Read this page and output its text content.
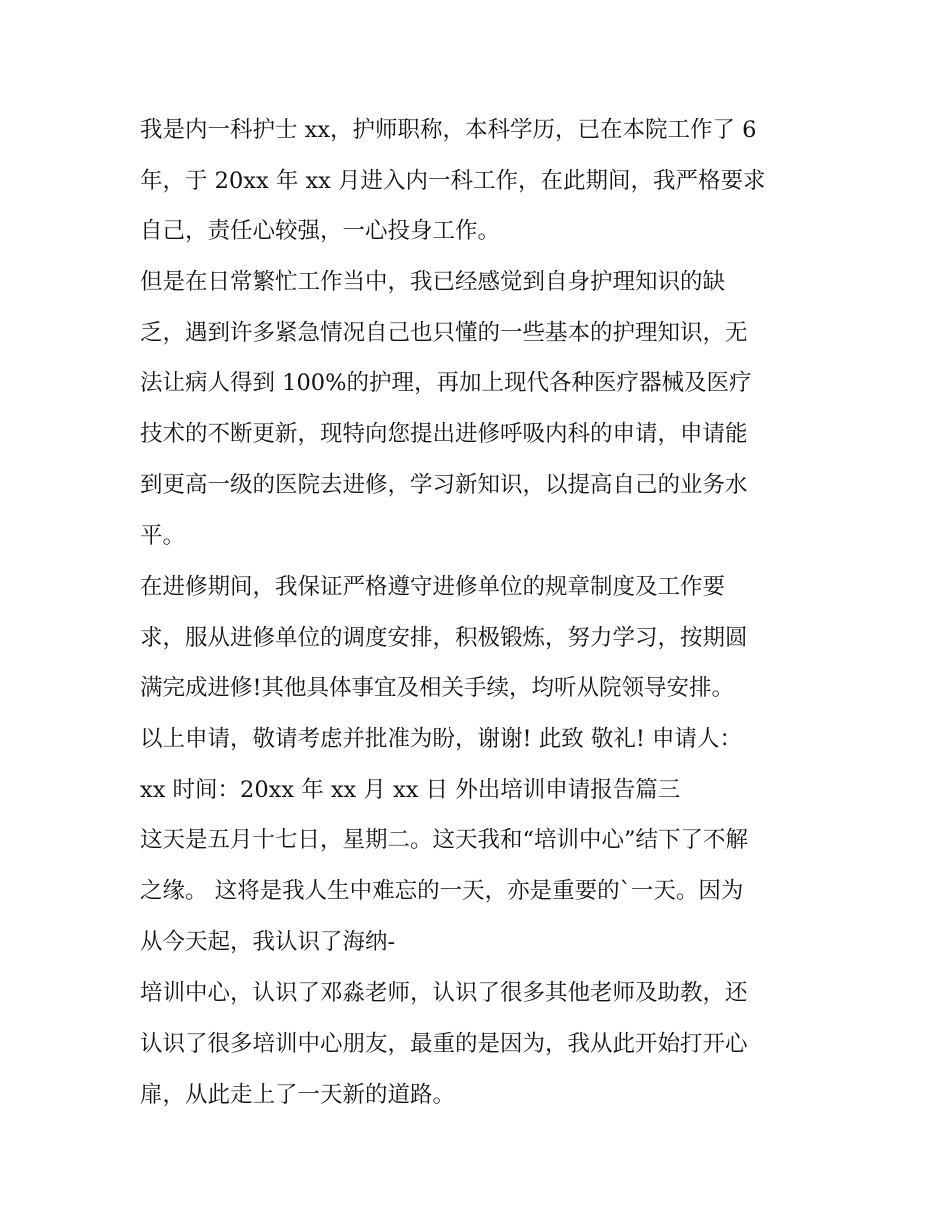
我是内一科护士 xx，护师职称，本科学历，已在本院工作了 6

年，于 20xx 年 xx 月进入内一科工作，在此期间，我严格要求

自己，责任心较强，一心投身工作。

但是在日常繁忙工作当中，我已经感觉到自身护理知识的缺

乏，遇到许多紧急情况自己也只懂的一些基本的护理知识，无

法让病人得到 100%的护理，再加上现代各种医疗器械及医疗

技术的不断更新，现特向您提出进修呼吸内科的申请，申请能

到更高一级的医院去进修，学习新知识，以提高自己的业务水

平。

在进修期间，我保证严格遵守进修单位的规章制度及工作要

求，服从进修单位的调度安排，积极锻炼，努力学习，按期圆

满完成进修!其他具体事宜及相关手续，均听从院领导安排。

以上申请，敬请考虑并批准为盼，谢谢! 此致 敬礼! 申请人：

xx 时间：20xx 年 xx 月 xx 日 外出培训申请报告篇三

这天是五月十七日，星期二。这天我和“培训中心”结下了不解

之缘。 这将是我人生中难忘的一天，亦是重要的`一天。因为

从今天起，我认识了海纳-

培训中心，认识了邓淼老师，认识了很多其他老师及助教，还

认识了很多培训中心朋友，最重的是因为，我从此开始打开心

扉，从此走上了一天新的道路。
